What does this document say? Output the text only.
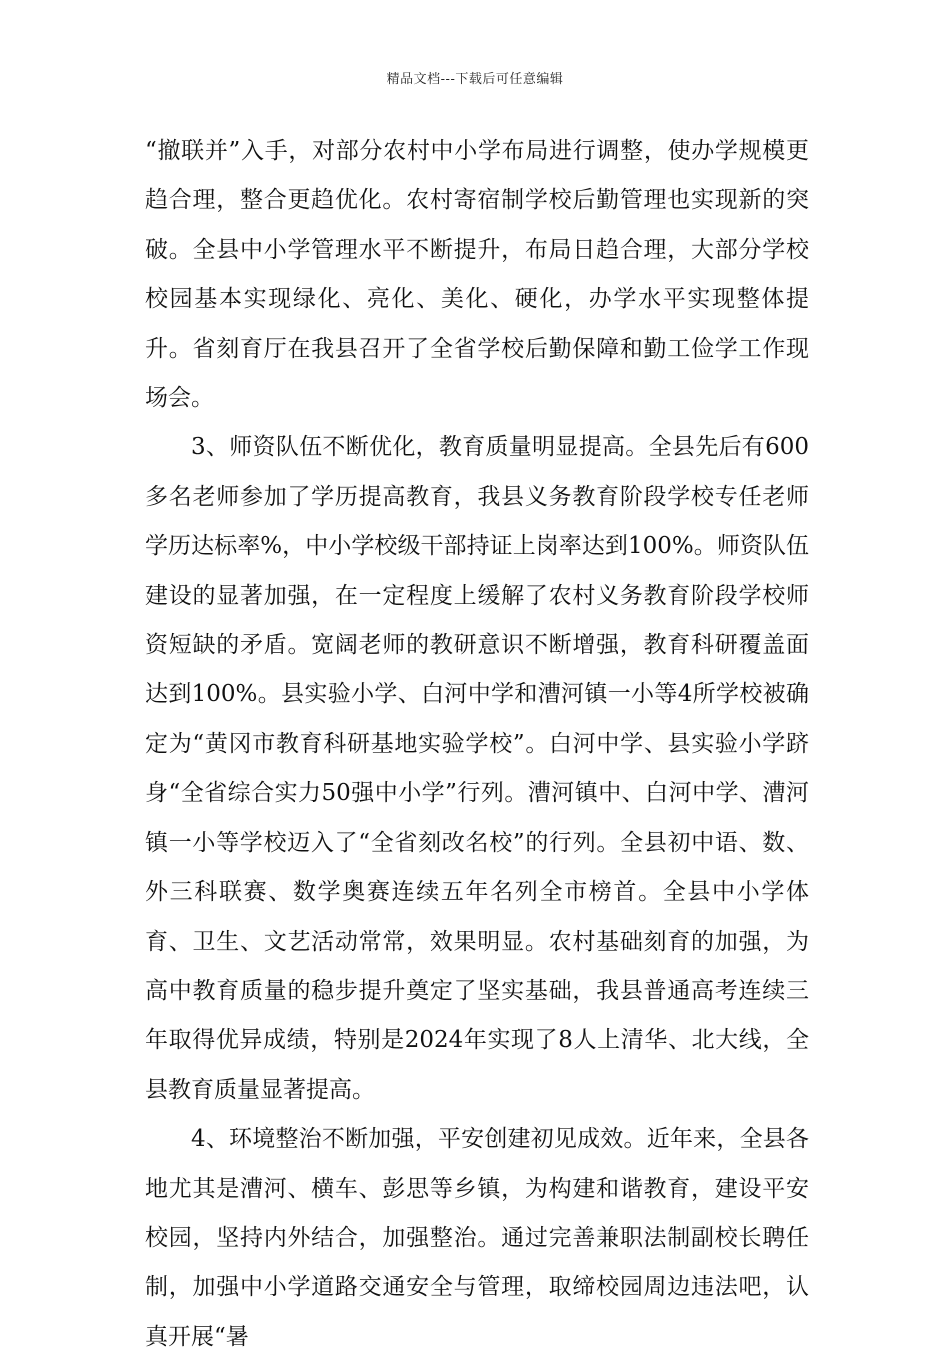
精品文档---下载后可任意编辑

“撤联并”入手，对部分农村中小学布局进行调整，使办学规模更趋合理，整合更趋优化。农村寄宿制学校后勤管理也实现新的突破。全县中小学管理水平不断提升，布局日趋合理，大部分学校校园基本实现绿化、亮化、美化、硬化，办学水平实现整体提升。省刻育厅在我县召开了全省学校后勤保障和勤工俭学工作现场会。

3、师资队伍不断优化，教育质量明显提高。全县先后有600多名老师参加了学历提高教育，我县义务教育阶段学校专任老师学历达标率%，中小学校级干部持证上岗率达到100%。师资队伍建设的显著加强，在一定程度上缓解了农村义务教育阶段学校师资短缺的矛盾。宽阔老师的教研意识不断增强，教育科研覆盖面达到100%。县实验小学、白河中学和漕河镇一小等4所学校被确定为“黄冈市教育科研基地实验学校”。白河中学、县实验小学跻身“全省综合实力50强中小学”行列。漕河镇中、白河中学、漕河镇一小等学校迈入了“全省刻改名校”的行列。全县初中语、数、外三科联赛、数学奥赛连续五年名列全市榜首。全县中小学体育、卫生、文艺活动常常，效果明显。农村基础刻育的加强，为高中教育质量的稳步提升奠定了坚实基础，我县普通高考连续三年取得优异成绩，特别是2024年实现了8人上清华、北大线，全县教育质量显著提高。

4、环境整治不断加强，平安创建初见成效。近年来，全县各地尤其是漕河、横车、彭思等乡镇，为构建和谐教育，建设平安校园，坚持内外结合，加强整治。通过完善兼职法制副校长聘任制，加强中小学道路交通安全与管理，取缔校园周边违法吧，认真开展“暑
